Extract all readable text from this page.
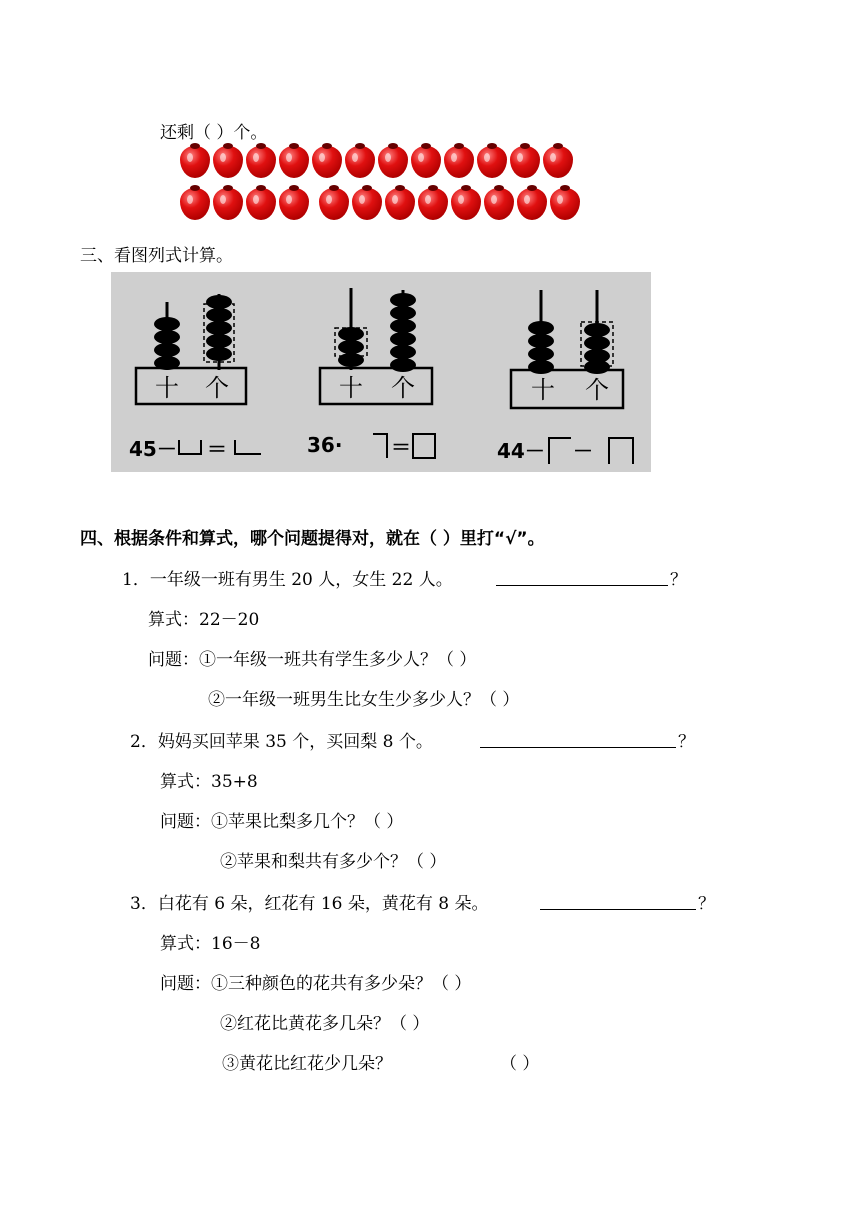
还剩（ ）个。
三、看图列式计算。
十 个
45－ ＝
十 个
36· ＝
十 个
44－ －
四、根据条件和算式，哪个问题提得对，就在（ ）里打“√”。
1．一年级一班有男生 20 人，女生 22 人。	？
算式：22－20
问题：①一年级一班共有学生多少人？（ ）
②一年级一班男生比女生少多少人？（ ）
2．妈妈买回苹果 35 个，买回梨 8 个。	？
算式：35+8
问题：①苹果比梨多几个？（ ）
②苹果和梨共有多少个？（ ）
3．白花有 6 朵，红花有 16 朵，黄花有 8 朵。	？
算式：16－8
问题：①三种颜色的花共有多少朵？（ ）
②红花比黄花多几朵？（ ）
③黄花比红花少几朵？	（ ）
